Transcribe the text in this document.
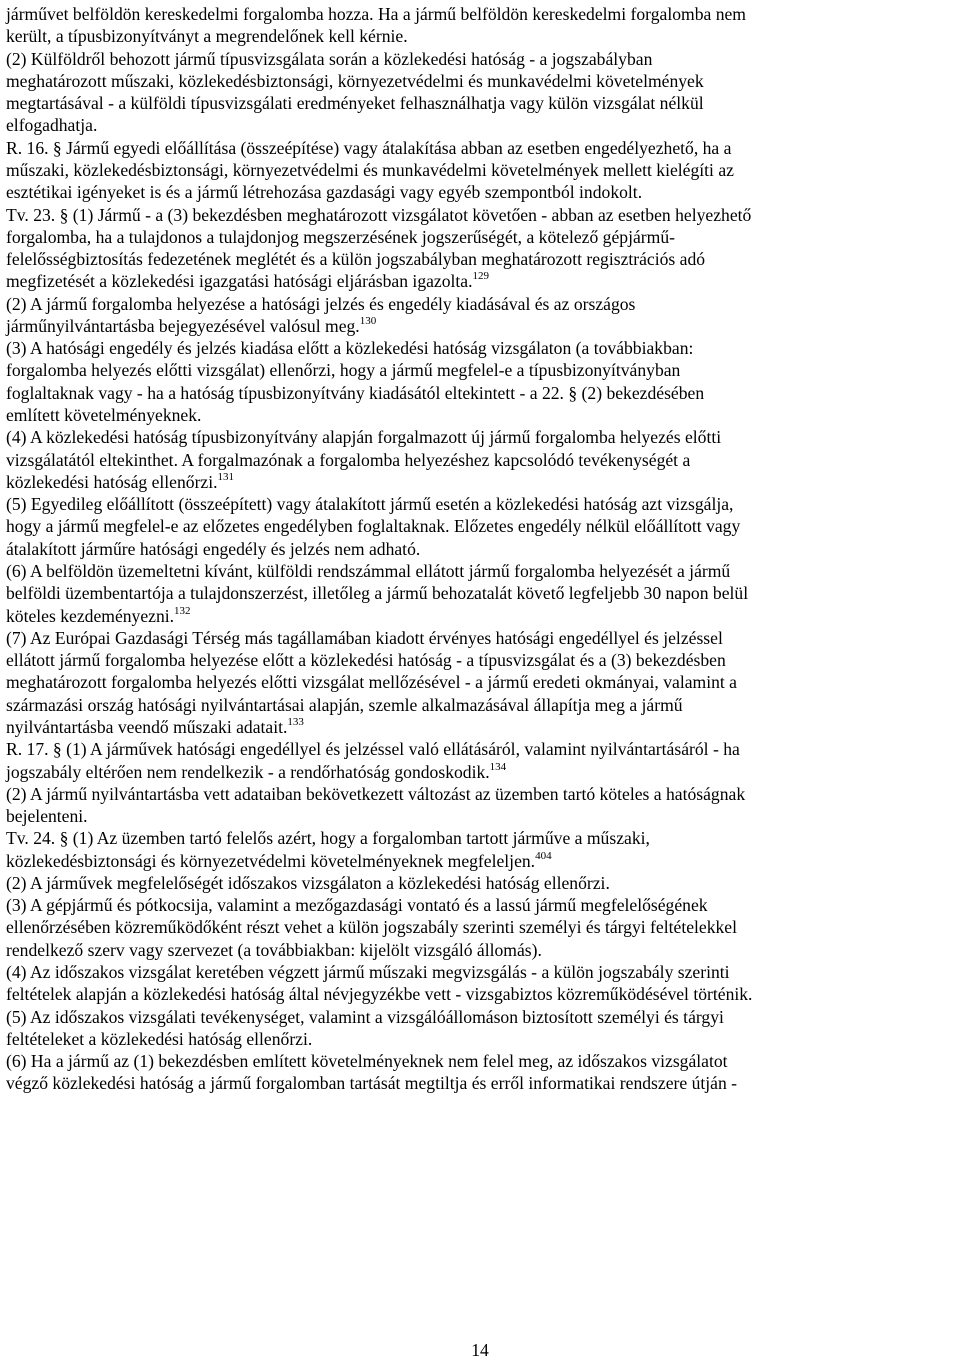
járművet belföldön kereskedelmi forgalomba hozza. Ha a jármű belföldön kereskedelmi forgalomba nem
került, a típusbizonyítványt a megrendelőnek kell kérnie.
(2) Külföldről behozott jármű típusvizsgálata során a közlekedési hatóság - a jogszabályban
meghatározott műszaki, közlekedésbiztonsági, környezetvédelmi és munkavédelmi követelmények
megtartásával - a külföldi típusvizsgálati eredményeket felhasználhatja vagy külön vizsgálat nélkül
elfogadhatja.
R. 16. § Jármű egyedi előállítása (összeépítése) vagy átalakítása abban az esetben engedélyezhető, ha a
műszaki, közlekedésbiztonsági, környezetvédelmi és munkavédelmi követelmények mellett kielégíti az
esztétikai igényeket is és a jármű létrehozása gazdasági vagy egyéb szempontból indokolt.
Tv. 23. § (1) Jármű - a (3) bekezdésben meghatározott vizsgálatot követően - abban az esetben helyezhető
forgalomba, ha a tulajdonos a tulajdonjog megszerzésének jogszerűségét, a kötelező gépjármű-
felelősségbiztosítás fedezetének meglétét és a külön jogszabályban meghatározott regisztrációs adó
megfizetését a közlekedési igazgatási hatósági eljárásban igazolta.$^{129}$
(2) A jármű forgalomba helyezése a hatósági jelzés és engedély kiadásával és az országos
járműnyilvántartásba bejegyezésével valósul meg.$^{130}$
(3) A hatósági engedély és jelzés kiadása előtt a közlekedési hatóság vizsgálaton (a továbbiakban:
forgalomba helyezés előtti vizsgálat) ellenőrzi, hogy a jármű megfelel-e a típusbizonyítványban
foglaltaknak vagy - ha a hatóság típusbizonyítvány kiadásától eltekintett - a 22. § (2) bekezdésében
említett követelményeknek.
(4) A közlekedési hatóság típusbizonyítvány alapján forgalmazott új jármű forgalomba helyezés előtti
vizsgálatától eltekinthet. A forgalmazónak a forgalomba helyezéshez kapcsolódó tevékenységét a
közlekedési hatóság ellenőrzi.$^{131}$
(5) Egyedileg előállított (összeépített) vagy átalakított jármű esetén a közlekedési hatóság azt vizsgálja,
hogy a jármű megfelel-e az előzetes engedélyben foglaltaknak. Előzetes engedély nélkül előállított vagy
átalakított járműre hatósági engedély és jelzés nem adható.
(6) A belföldön üzemeltetni kívánt, külföldi rendszámmal ellátott jármű forgalomba helyezését a jármű
belföldi üzembentartója a tulajdonszerzést, illetőleg a jármű behozatalát követő legfeljebb 30 napon belül
köteles kezdeményezni.$^{132}$
(7) Az Európai Gazdasági Térség más tagállamában kiadott érvényes hatósági engedéllyel és jelzéssel
ellátott jármű forgalomba helyezése előtt a közlekedési hatóság - a típusvizsgálat és a (3) bekezdésben
meghatározott forgalomba helyezés előtti vizsgálat mellőzésével - a jármű eredeti okmányai, valamint a
származási ország hatósági nyilvántartásai alapján, szemle alkalmazásával állapítja meg a jármű
nyilvántartásba veendő műszaki adatait.$^{133}$
R. 17. § (1) A járművek hatósági engedéllyel és jelzéssel való ellátásáról, valamint nyilvántartásáról - ha
jogszabály eltérően nem rendelkezik - a rendőrhatóság gondoskodik.$^{134}$
(2) A jármű nyilvántartásba vett adataiban bekövetkezett változást az üzemben tartó köteles a hatóságnak
bejelenteni.
Tv. 24. § (1) Az üzemben tartó felelős azért, hogy a forgalomban tartott járműve a műszaki,
közlekedésbiztonsági és környezetvédelmi követelményeknek megfeleljen.$^{404}$
(2) A járművek megfelelőségét időszakos vizsgálaton a közlekedési hatóság ellenőrzi.
(3) A gépjármű és pótkocsija, valamint a mezőgazdasági vontató és a lassú jármű megfelelőségének
ellenőrzésében közreműködőként részt vehet a külön jogszabály szerinti személyi és tárgyi feltételekkel
rendelkező szerv vagy szervezet (a továbbiakban: kijelölt vizsgáló állomás).
(4) Az időszakos vizsgálat keretében végzett jármű műszaki megvizsgálás - a külön jogszabály szerinti
feltételek alapján a közlekedési hatóság által névjegyzékbe vett - vizsgabiztos közreműködésével történik.
(5) Az időszakos vizsgálati tevékenységet, valamint a vizsgálóállomáson biztosított személyi és tárgyi
feltételeket a közlekedési hatóság ellenőrzi.
(6) Ha a jármű az (1) bekezdésben említett követelményeknek nem felel meg, az időszakos vizsgálatot
végző közlekedési hatóság a jármű forgalomban tartását megtiltja és erről informatikai rendszere útján -
14
